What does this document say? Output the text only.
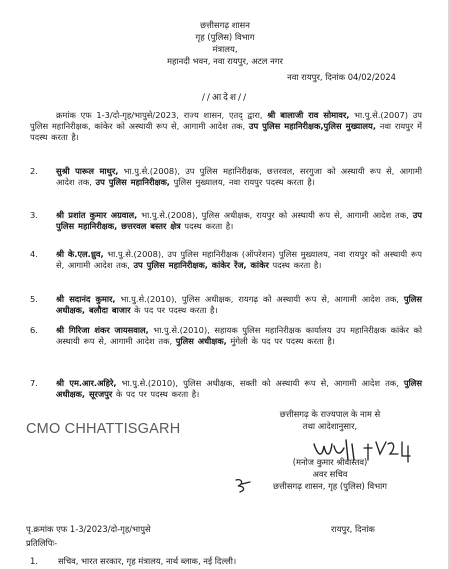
छत्तीसगढ़ शासन
गृह (पुलिस) विभाग
मंत्रालय,
महानदी भवन, नवा रायपुर, अटल नगर
नवा रायपुर, दिनांक 04/02/2024
//आदेश//
क्रमांक एफ 1-3/दो-गृह/भापुसे/2023, राज्य शासन, एतद् द्वारा, श्री बालाजी राव सोमावर, भा.पु.से.(2007) उप पुलिस महानिरीक्षक, कांकेर को अस्थायी रूप से, आगामी आदेश तक, उप पुलिस महानिरीक्षक,पुलिस मुख्यालय, नवा रायपुर में पदस्थ करता है।
2. सुश्री पारूल माथुर, भा.पु.से.(2008), उप पुलिस महानिरीक्षक, छत्तरवल, सरगुजा को अस्थायी रूप से, आगामी आदेश तक, उप पुलिस महानिरीक्षक, पुलिस मुख्यालय, नवा रायपुर पदस्थ करता है।
3. श्री प्रशांत कुमार अग्रवाल, भा.पु.से.(2008), पुलिस अधीक्षक, रायपुर को अस्थायी रूप से, आगामी आदेश तक, उप पुलिस महानिरीक्षक, छत्तरवल बस्तर क्षेत्र पदस्थ करता है।
4. श्री के.एल.ध्रुव, भा.पु.से.(2008), उप पुलिस महानिरीक्षक (ऑपरेशन) पुलिस मुख्यालय, नवा रायपुर को अस्थायी रूप से, आगामी आदेश तक, उप पुलिस महानिरीक्षक, कांकेर रेंज, कांकेर पदस्थ करता है।
5. श्री सदानंद कुमार, भा.पु.से.(2010), पुलिस अधीक्षक, रायगढ़ को अस्थायी रूप से, आगामी आदेश तक, पुलिस अधीक्षक, बलौदा बाजार के पद पर पदस्थ करता है।
6. श्री गिरिजा शंकर जायसवाल, भा.पु.से.(2010), सहायक पुलिस महानिरीक्षक कार्यालय उप महानिरीक्षक कांकेर को अस्थायी रूप से, आगामी आदेश तक, पुलिस अधीक्षक, मुंगेली के पद पर पदस्थ करता है।
7. श्री एम.आर.अहिरे, भा.पु.से.(2010), पुलिस अधीक्षक, सक्ती को अस्थायी रूप से, आगामी आदेश तक, पुलिस अधीक्षक, सूरजपुर के पद पर पदस्थ करता है।
CMO CHHATTISGARH
छत्तीसगढ़ के राज्यपाल के नाम से
तथा आदेशानुसार,
(मनोज कुमार श्रीवास्तव)
अवर सचिव
छत्तीसगढ़ शासन, गृह (पुलिस) विभाग
पृ.क्रमांक एफ 1-3/2023/दो-गृह/भापुसे	रायपुर, दिनांक
प्रतिलिपिः-
1. सचिव, भारत सरकार, गृह मंत्रालय, नार्थ ब्लाक, नई दिल्ली।
